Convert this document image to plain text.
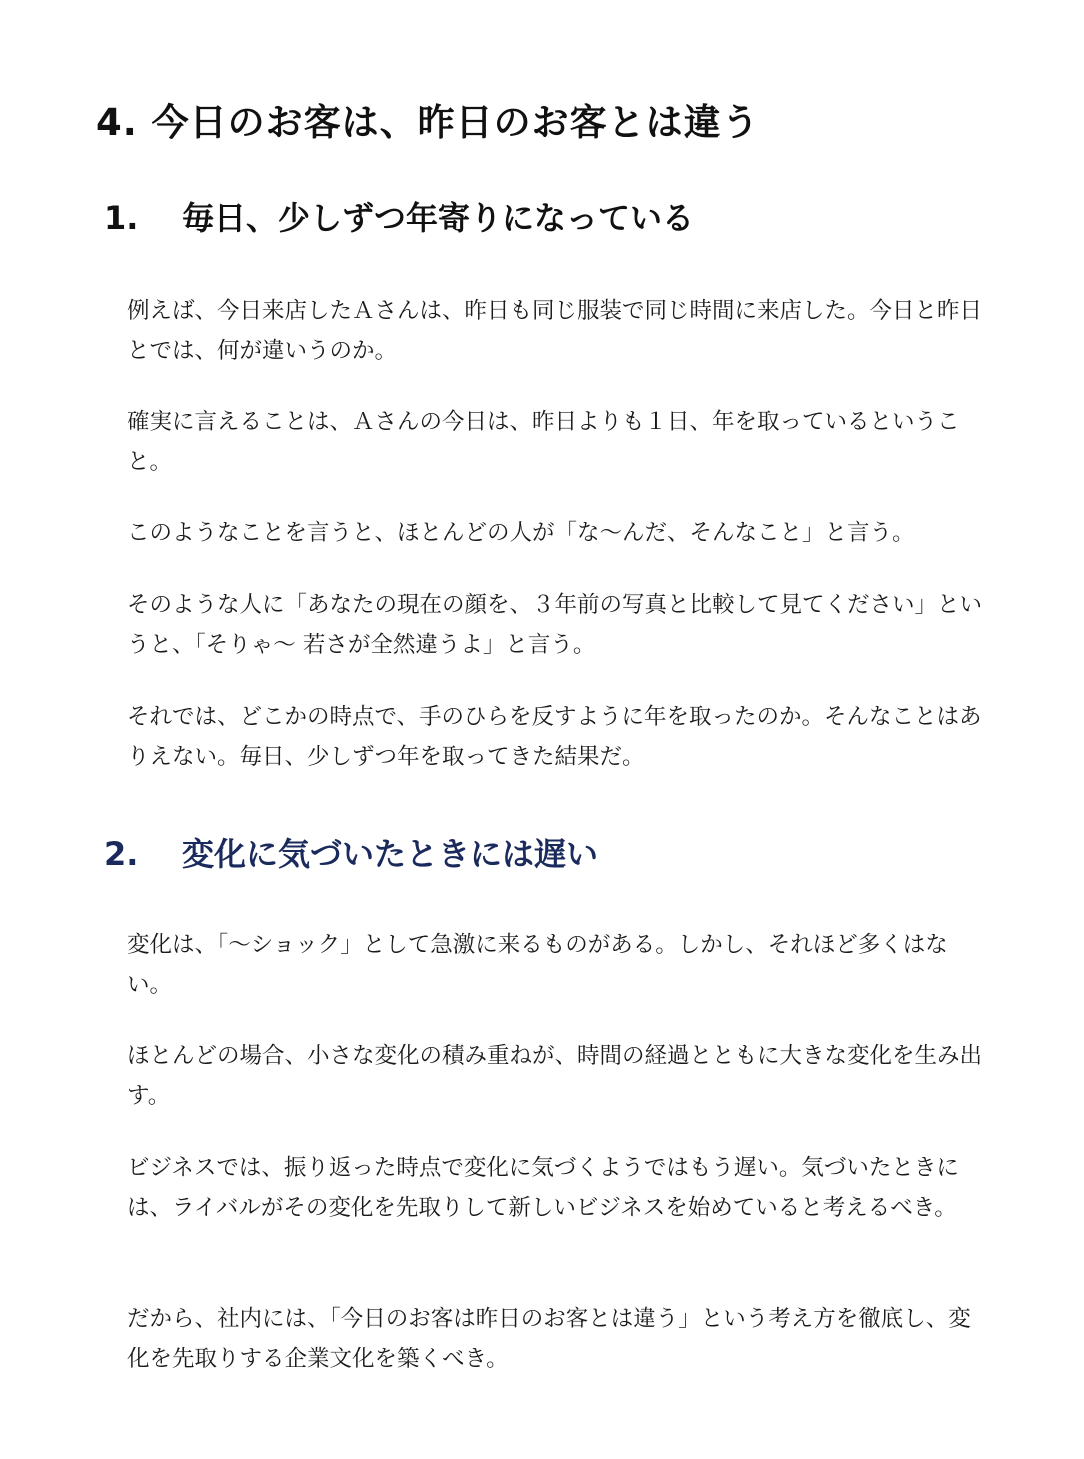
4. 今日のお客は、昨日のお客とは違う
1. 毎日、少しずつ年寄りになっている

例えば、今日来店したＡさんは、昨日も同じ服装で同じ時間に来店した。今日と昨日とでは、何が違いうのか。

確実に言えることは、Ａさんの今日は、昨日よりも１日、年を取っているということ。

このようなことを言うと、ほとんどの人が「な～んだ、そんなこと」と言う。

そのような人に「あなたの現在の顔を、３年前の写真と比較して見てください」というと、「そりゃ～ 若さが全然違うよ」と言う。

それでは、どこかの時点で、手のひらを反すように年を取ったのか。そんなことはありえない。毎日、少しずつ年を取ってきた結果だ。

2. 変化に気づいたときには遅い

変化は、「～ショック」として急激に来るものがある。しかし、それほど多くはない。

ほとんどの場合、小さな変化の積み重ねが、時間の経過とともに大きな変化を生み出す。

ビジネスでは、振り返った時点で変化に気づくようではもう遅い。気づいたときには、ライバルがその変化を先取りして新しいビジネスを始めていると考えるべき。

だから、社内には、「今日のお客は昨日のお客とは違う」という考え方を徹底し、変化を先取りする企業文化を築くべき。
